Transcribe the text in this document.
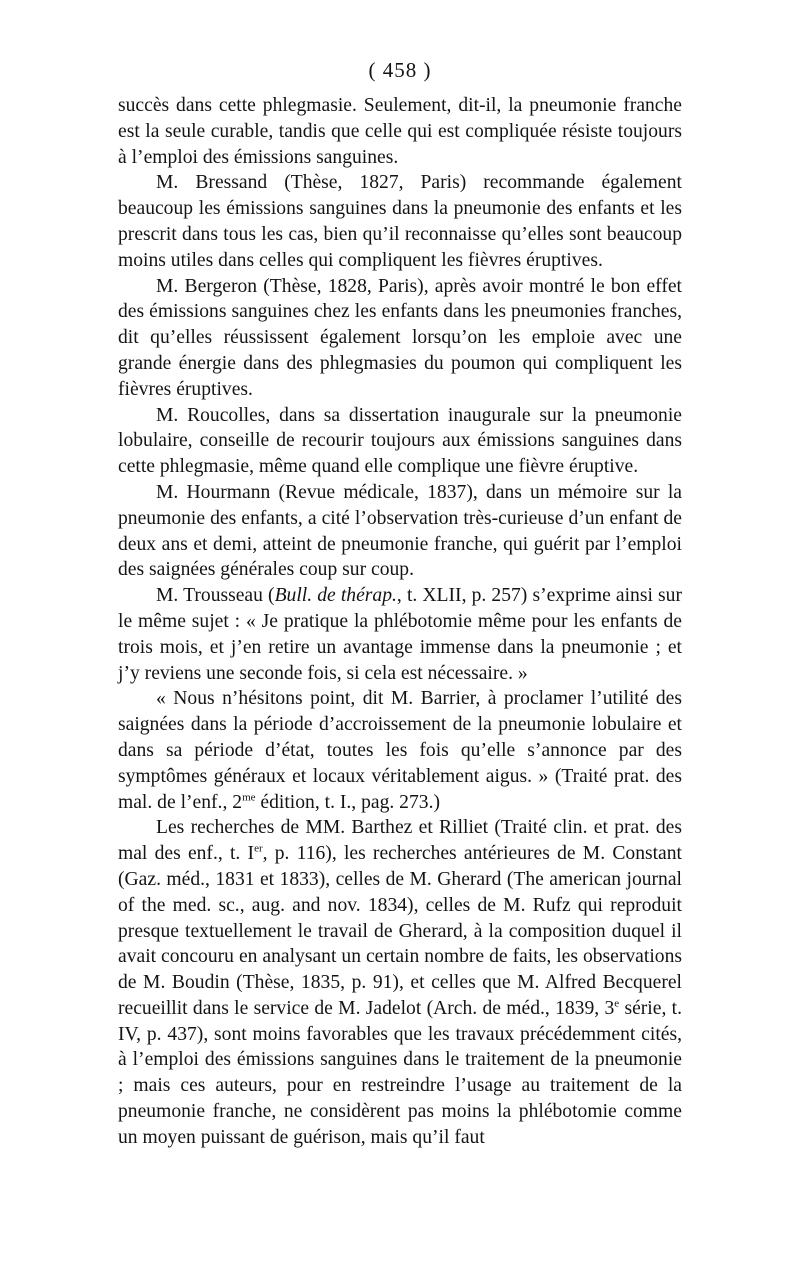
( 458 )

succès dans cette phlegmasie. Seulement, dit-il, la pneumonie franche est la seule curable, tandis que celle qui est compliquée résiste toujours à l’emploi des émissions sanguines.

M. Bressand (Thèse, 1827, Paris) recommande également beaucoup les émissions sanguines dans la pneumonie des enfants et les prescrit dans tous les cas, bien qu’il reconnaisse qu’elles sont beaucoup moins utiles dans celles qui compliquent les fièvres éruptives.

M. Bergeron (Thèse, 1828, Paris), après avoir montré le bon effet des émissions sanguines chez les enfants dans les pneumonies franches, dit qu’elles réussissent également lorsqu’on les emploie avec une grande énergie dans des phlegmasies du poumon qui compliquent les fièvres éruptives.

M. Roucolles, dans sa dissertation inaugurale sur la pneumonie lobulaire, conseille de recourir toujours aux émissions sanguines dans cette phlegmasie, même quand elle complique une fièvre éruptive.

M. Hourmann (Revue médicale, 1837), dans un mémoire sur la pneumonie des enfants, a cité l’observation très-curieuse d’un enfant de deux ans et demi, atteint de pneumonie franche, qui guérit par l’emploi des saignées générales coup sur coup.

M. Trousseau (Bull. de thérap., t. XLII, p. 257) s’exprime ainsi sur le même sujet : « Je pratique la phlébotomie même pour les enfants de trois mois, et j’en retire un avantage immense dans la pneumonie ; et j’y reviens une seconde fois, si cela est nécessaire. »

« Nous n’hésitons point, dit M. Barrier, à proclamer l’utilité des saignées dans la période d’accroissement de la pneumonie lobulaire et dans sa période d’état, toutes les fois qu’elle s’annonce par des symptômes généraux et locaux véritablement aigus. » (Traité prat. des mal. de l’enf., $2^{me}$ édition, t. I., pag. 273.)

Les recherches de MM. Barthez et Rilliet (Traité clin. et prat. des mal des enf., t. Ier, p. 116), les recherches antérieures de M. Constant (Gaz. méd., 1831 et 1833), celles de M. Gherard (The american journal of the med. sc., aug. and nov. 1834), celles de M. Rufz qui reproduit presque textuellement le travail de Gherard, à la composition duquel il avait concouru en analysant un certain nombre de faits, les observations de M. Boudin (Thèse, 1835, p. 91), et celles que M. Alfred Becquerel recueillit dans le service de M. Jadelot (Arch. de méd., 1839, 3e série, t. IV, p. 437), sont moins favorables que les travaux précédemment cités, à l’emploi des émissions sanguines dans le traitement de la pneumonie ; mais ces auteurs, pour en restreindre l’usage au traitement de la pneumonie franche, ne considèrent pas moins la phlébotomie comme un moyen puissant de guérison, mais qu’il faut
